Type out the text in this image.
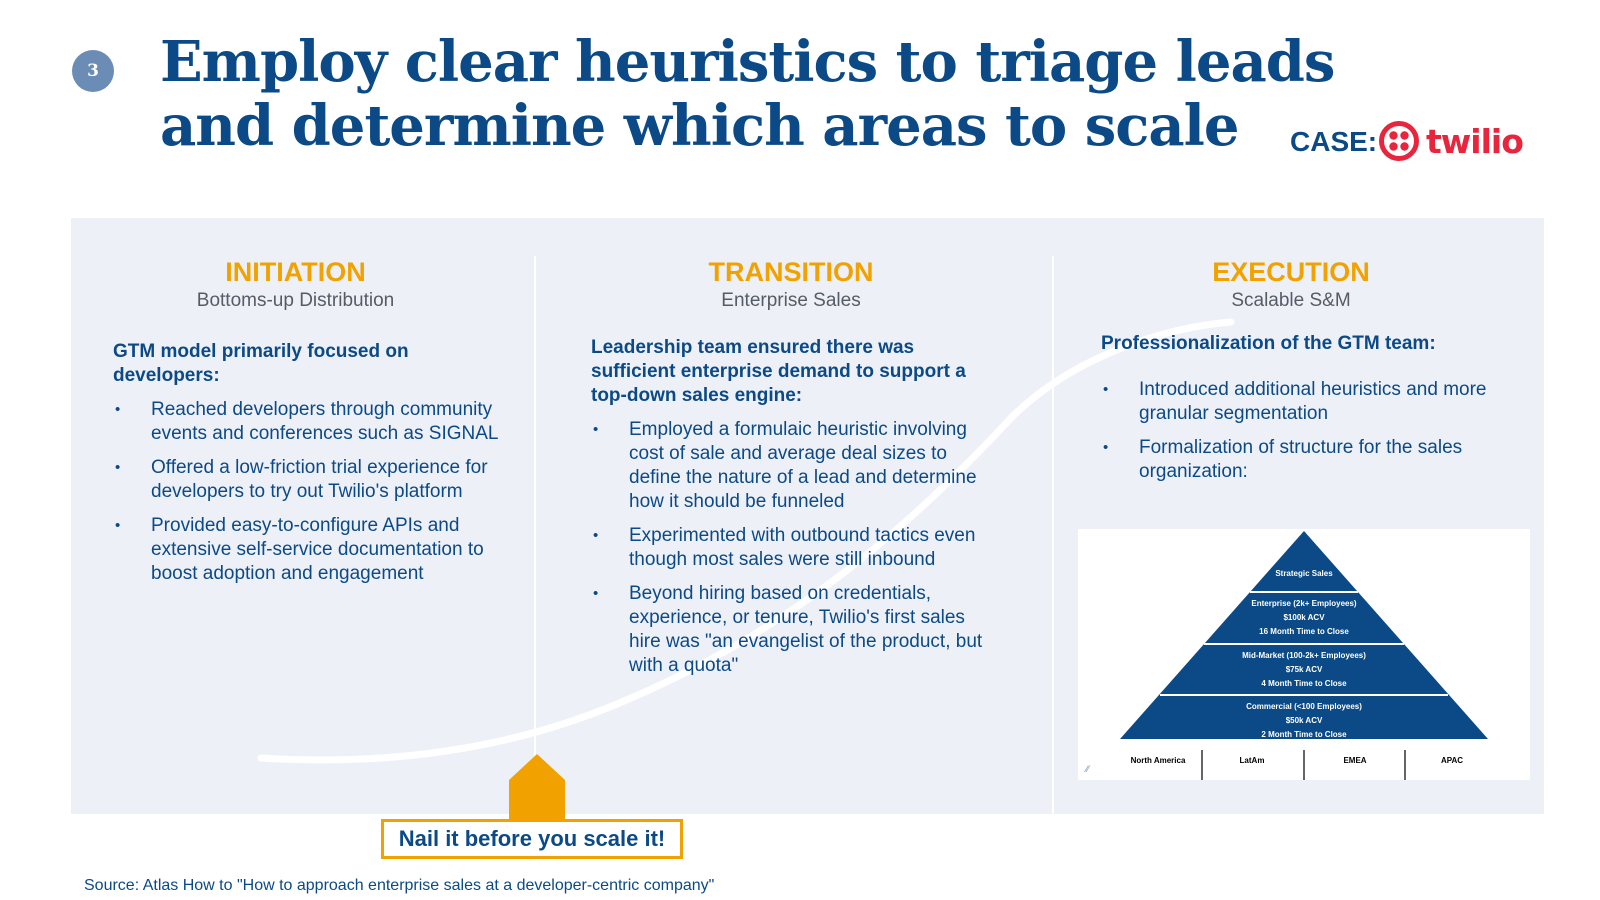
3 Employ clear heuristics to triage leads and determine which areas to scale	CASE: twilio
INITIATION
Bottoms-up Distribution
GTM model primarily focused on developers:
• Reached developers through community events and conferences such as SIGNAL
• Offered a low-friction trial experience for developers to try out Twilio's platform
• Provided easy-to-configure APIs and extensive self-service documentation to boost adoption and engagement
TRANSITION
Enterprise Sales
Leadership team ensured there was sufficient enterprise demand to support a top-down sales engine:
• Employed a formulaic heuristic involving cost of sale and average deal sizes to define the nature of a lead and determine how it should be funneled
• Experimented with outbound tactics even though most sales were still inbound
• Beyond hiring based on credentials, experience, or tenure, Twilio's first sales hire was "an evangelist of the product, but with a quota"
EXECUTION
Scalable S&M
Professionalization of the GTM team:
• Introduced additional heuristics and more granular segmentation
• Formalization of structure for the sales organization:
Strategic Sales
Enterprise (2k+ Employees)
$100k ACV
16 Month Time to Close
Mid-Market (100-2k+ Employees)
$75k ACV
4 Month Time to Close
Commercial (<100 Employees)
$50k ACV
2 Month Time to Close
North America	LatAm	EMEA	APAC
⁄⁄
Nail it before you scale it!
Source: Atlas How to "How to approach enterprise sales at a developer-centric company"
